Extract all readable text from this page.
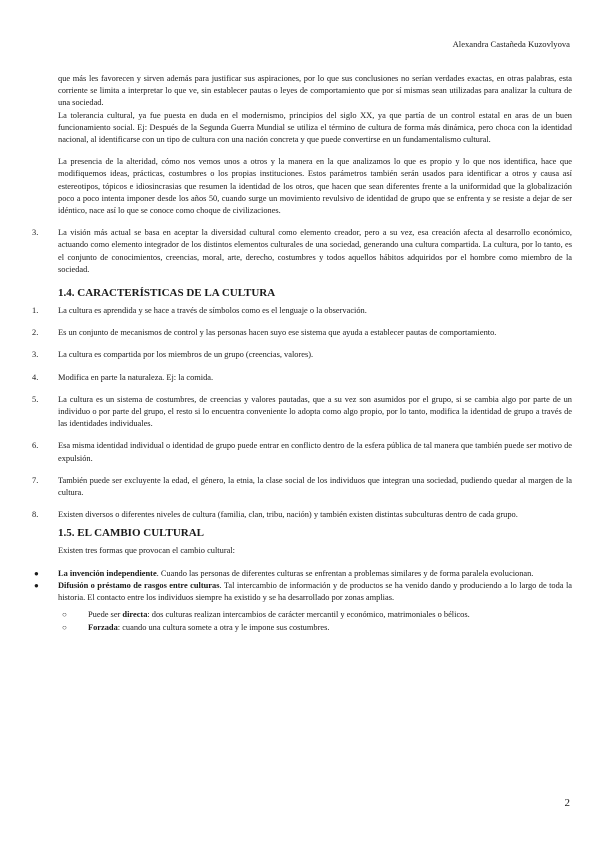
Alexandra Castañeda Kuzovlyova

que más les favorecen y sirven además para justificar sus aspiraciones, por lo que sus conclusiones no serían verdades exactas, en otras palabras, esta corriente se limita a interpretar lo que ve, sin establecer pautas o leyes de comportamiento que por sí mismas sean utilizadas para analizar la cultura de una sociedad.

La tolerancia cultural, ya fue puesta en duda en el modernismo, principios del siglo XX, ya que partía de un control estatal en aras de un buen funcionamiento social. Ej: Después de la Segunda Guerra Mundial se utiliza el término de cultura de forma más dinámica, pero choca con la identidad nacional, al identificarse con un tipo de cultura con una nación concreta y que puede convertirse en un fundamentalismo cultural.

La presencia de la alteridad, cómo nos vemos unos a otros y la manera en la que analizamos lo que es propio y lo que nos identifica, hace que modifiquemos ideas, prácticas, costumbres o los propias instituciones. Estos parámetros también serán usados para identificar a otros y causa así estereotipos, tópicos e idiosincrasias que resumen la identidad de los otros, que hacen que sean diferentes frente a la uniformidad que la globalización poco a poco intenta imponer desde los años 50, cuando surge un movimiento revulsivo de identidad de grupo que se enfrenta y se resiste a dejar de ser idéntico, nace así lo que se conoce como choque de civilizaciones.

3. La visión más actual se basa en aceptar la diversidad cultural como elemento creador, pero a su vez, esa creación afecta al desarrollo económico, actuando como elemento integrador de los distintos elementos culturales de una sociedad, generando una cultura compartida. La cultura, por lo tanto, es el conjunto de conocimientos, creencias, moral, arte, derecho, costumbres y todos aquellos hábitos adquiridos por el hombre como miembro de la sociedad.
1.4. CARACTERÍSTICAS DE LA CULTURA
1. La cultura es aprendida y se hace a través de símbolos como es el lenguaje o la observación.
2. Es un conjunto de mecanismos de control y las personas hacen suyo ese sistema que ayuda a establecer pautas de comportamiento.
3. La cultura es compartida por los miembros de un grupo (creencias, valores).
4. Modifica en parte la naturaleza. Ej: la comida.
5. La cultura es un sistema de costumbres, de creencias y valores pautadas, que a su vez son asumidos por el grupo, si se cambia algo por parte de un individuo o por parte del grupo, el resto si lo encuentra conveniente lo adopta como algo propio, por lo tanto, modifica la identidad de grupo a través de las identidades individuales.
6. Esa misma identidad individual o identidad de grupo puede entrar en conflicto dentro de la esfera pública de tal manera que también puede ser motivo de expulsión.
7. También puede ser excluyente la edad, el género, la etnia, la clase social de los individuos que integran una sociedad, pudiendo quedar al margen de la cultura.
8. Existen diversos o diferentes niveles de cultura (familia, clan, tribu, nación) y también existen distintas subculturas dentro de cada grupo.
1.5. EL CAMBIO CULTURAL

Existen tres formas que provocan el cambio cultural:

● La invención independiente. Cuando las personas de diferentes culturas se enfrentan a problemas similares y de forma paralela evolucionan.
● Difusión o préstamo de rasgos entre culturas. Tal intercambio de información y de productos se ha venido dando y produciendo a lo largo de toda la historia. El contacto entre los individuos siempre ha existido y se ha desarrollado por zonas amplias.
○	Puede ser directa: dos culturas realizan intercambios de carácter mercantil y económico, matrimoniales o bélicos.
○	Forzada: cuando una cultura somete a otra y le impone sus costumbres.
2
